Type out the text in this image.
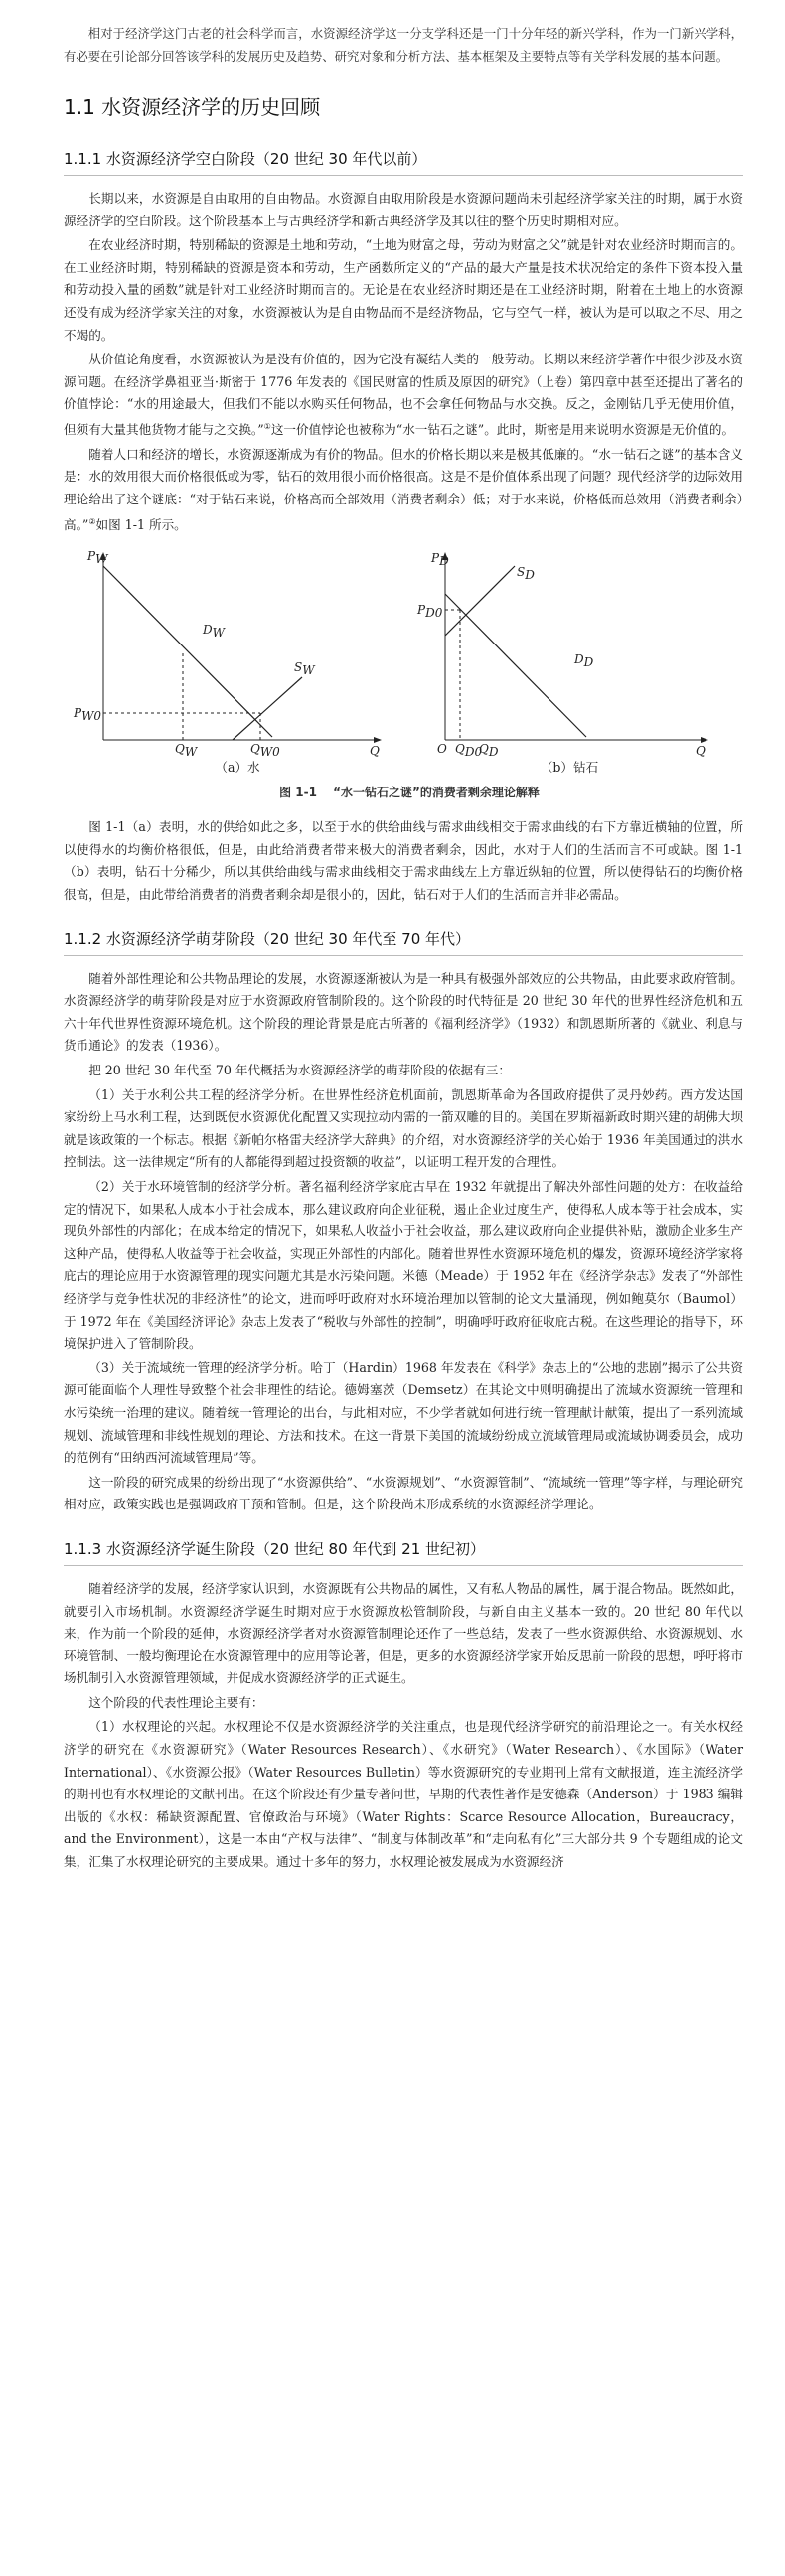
相对于经济学这门古老的社会科学而言，水资源经济学这一分支学科还是一门十分年轻的新兴学科，作为一门新兴学科，有必要在引论部分回答该学科的发展历史及趋势、研究对象和分析方法、基本框架及主要特点等有关学科发展的基本问题。

1.1 水资源经济学的历史回顾
1.1.1 水资源经济学空白阶段（20 世纪 30 年代以前）

长期以来，水资源是自由取用的自由物品。水资源自由取用阶段是水资源问题尚未引起经济学家关注的时期，属于水资源经济学的空白阶段。这个阶段基本上与古典经济学和新古典经济学及其以往的整个历史时期相对应。

在农业经济时期，特别稀缺的资源是土地和劳动，“土地为财富之母，劳动为财富之父”就是针对农业经济时期而言的。在工业经济时期，特别稀缺的资源是资本和劳动，生产函数所定义的“产品的最大产量是技术状况给定的条件下资本投入量和劳动投入量的函数”就是针对工业经济时期而言的。无论是在农业经济时期还是在工业经济时期，附着在土地上的水资源还没有成为经济学家关注的对象，水资源被认为是自由物品而不是经济物品，它与空气一样，被认为是可以取之不尽、用之不竭的。

从价值论角度看，水资源被认为是没有价值的，因为它没有凝结人类的一般劳动。长期以来经济学著作中很少涉及水资源问题。在经济学鼻祖亚当·斯密于 1776 年发表的《国民财富的性质及原因的研究》（上卷）第四章中甚至还提出了著名的价值悖论：“水的用途最大，但我们不能以水购买任何物品，也不会拿任何物品与水交换。反之，金刚钻几乎无使用价值，但须有大量其他货物才能与之交换。”①这一价值悖论也被称为“水一钻石之谜”。此时，斯密是用来说明水资源是无价值的。

随着人口和经济的增长，水资源逐渐成为有价的物品。但水的价格长期以来是极其低廉的。“水一钻石之谜”的基本含义是：水的效用很大而价格很低或为零，钻石的效用很小而价格很高。这是不是价值体系出现了问题？现代经济学的边际效用理论给出了这个谜底：“对于钻石来说，价格高而全部效用（消费者剩余）低；对于水来说，价格低而总效用（消费者剩余）高。”②如图 1-1 所示。

PW
Q
DW
SW
PW0
QW	QW0
（a）水
PD
Q
DD
SD
PD0
O QD0
QD
（b）钻石
图 1-1 “水一钻石之谜”的消费者剩余理论解释

图 1-1（a）表明，水的供给如此之多，以至于水的供给曲线与需求曲线相交于需求曲线的右下方靠近横轴的位置，所以使得水的均衡价格很低，但是，由此给消费者带来极大的消费者剩余，因此，水对于人们的生活而言不可或缺。图 1-1（b）表明，钻石十分稀少，所以其供给曲线与需求曲线相交于需求曲线左上方靠近纵轴的位置，所以使得钻石的均衡价格很高，但是，由此带给消费者的消费者剩余却是很小的，因此，钻石对于人们的生活而言并非必需品。

1.1.2 水资源经济学萌芽阶段（20 世纪 30 年代至 70 年代）

随着外部性理论和公共物品理论的发展，水资源逐渐被认为是一种具有极强外部效应的公共物品，由此要求政府管制。水资源经济学的萌芽阶段是对应于水资源政府管制阶段的。这个阶段的时代特征是 20 世纪 30 年代的世界性经济危机和五六十年代世界性资源环境危机。这个阶段的理论背景是庇古所著的《福利经济学》（1932）和凯恩斯所著的《就业、利息与货币通论》的发表（1936）。

把 20 世纪 30 年代至 70 年代概括为水资源经济学的萌芽阶段的依据有三：

（1）关于水利公共工程的经济学分析。在世界性经济危机面前，凯恩斯革命为各国政府提供了灵丹妙药。西方发达国家纷纷上马水利工程，达到既使水资源优化配置又实现拉动内需的一箭双雕的目的。美国在罗斯福新政时期兴建的胡佛大坝就是该政策的一个标志。根据《新帕尔格雷夫经济学大辞典》的介绍，对水资源经济学的关心始于 1936 年美国通过的洪水控制法。这一法律规定“所有的人都能得到超过投资额的收益”，以证明工程开发的合理性。

（2）关于水环境管制的经济学分析。著名福利经济学家庇古早在 1932 年就提出了解决外部性问题的处方：在收益给定的情况下，如果私人成本小于社会成本，那么建议政府向企业征税，遏止企业过度生产，使得私人成本等于社会成本，实现负外部性的内部化；在成本给定的情况下，如果私人收益小于社会收益，那么建议政府向企业提供补贴，激励企业多生产这种产品，使得私人收益等于社会收益，实现正外部性的内部化。随着世界性水资源环境危机的爆发，资源环境经济学家将庇古的理论应用于水资源管理的现实问题尤其是水污染问题。米德（Meade）于 1952 年在《经济学杂志》发表了“外部性经济学与竞争性状况的非经济性”的论文，进而呼吁政府对水环境治理加以管制的论文大量涌现，例如鲍莫尔（Baumol）于 1972 年在《美国经济评论》杂志上发表了“税收与外部性的控制”，明确呼吁政府征收庇古税。在这些理论的指导下，环境保护进入了管制阶段。

（3）关于流域统一管理的经济学分析。哈丁（Hardin）1968 年发表在《科学》杂志上的“公地的悲剧”揭示了公共资源可能面临个人理性导致整个社会非理性的结论。德姆塞茨（Demsetz）在其论文中则明确提出了流域水资源统一管理和水污染统一治理的建议。随着统一管理论的出台，与此相对应，不少学者就如何进行统一管理献计献策，提出了一系列流域规划、流域管理和非线性规划的理论、方法和技术。在这一背景下美国的流域纷纷成立流域管理局或流域协调委员会，成功的范例有“田纳西河流域管理局”等。

这一阶段的研究成果的纷纷出现了“水资源供给”、“水资源规划”、“水资源管制”、“流域统一管理”等字样，与理论研究相对应，政策实践也是强调政府干预和管制。但是，这个阶段尚未形成系统的水资源经济学理论。

1.1.3 水资源经济学诞生阶段（20 世纪 80 年代到 21 世纪初）

随着经济学的发展，经济学家认识到，水资源既有公共物品的属性，又有私人物品的属性，属于混合物品。既然如此，就要引入市场机制。水资源经济学诞生时期对应于水资源放松管制阶段，与新自由主义基本一致的。20 世纪 80 年代以来，作为前一个阶段的延伸，水资源经济学者对水资源管制理论还作了一些总结，发表了一些水资源供给、水资源规划、水环境管制、一般均衡理论在水资源管理中的应用等论著，但是，更多的水资源经济学家开始反思前一阶段的思想，呼吁将市场机制引入水资源管理领域，并促成水资源经济学的正式诞生。

这个阶段的代表性理论主要有：

（1）水权理论的兴起。水权理论不仅是水资源经济学的关注重点，也是现代经济学研究的前沿理论之一。有关水权经济学的研究在《水资源研究》（Water Resources Research）、《水研究》（Water Research）、《水国际》（Water International）、《水资源公报》（Water Resources Bulletin）等水资源研究的专业期刊上常有文献报道，连主流经济学的期刊也有水权理论的文献刊出。在这个阶段还有少量专著问世，早期的代表性著作是安德森（Anderson）于 1983 编辑出版的《水权：稀缺资源配置、官僚政治与环境》（Water Rights：Scarce Resource Allocation，Bureaucracy，and the Environment），这是一本由“产权与法律”、“制度与体制改革”和“走向私有化”三大部分共 9 个专题组成的论文集，汇集了水权理论研究的主要成果。通过十多年的努力，水权理论被发展成为水资源经济
